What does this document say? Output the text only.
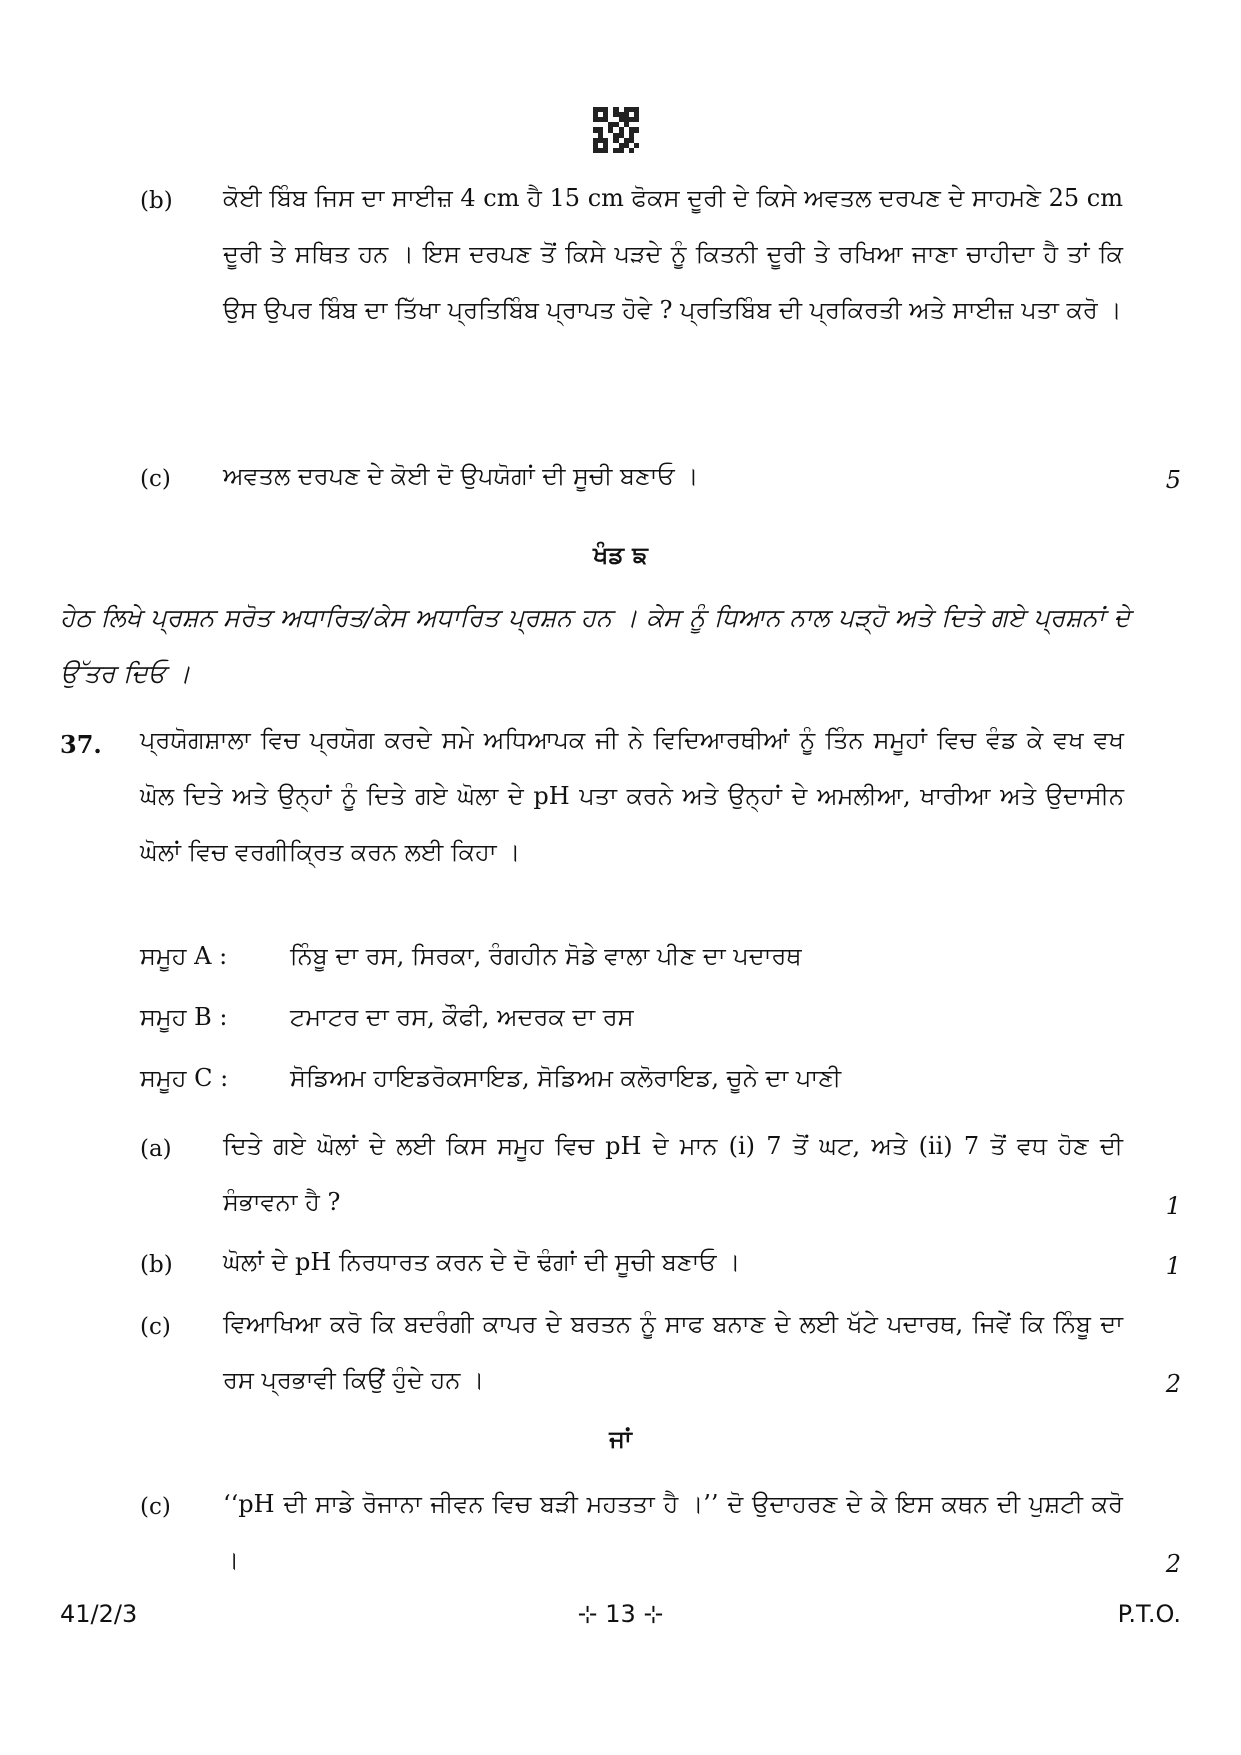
(b) ਕੋਈ ਬਿੰਬ ਜਿਸ ਦਾ ਸਾਈਜ਼ 4 cm ਹੈ 15 cm ਫੋਕਸ ਦੂਰੀ ਦੇ ਕਿਸੇ ਅਵਤਲ ਦਰਪਣ ਦੇ ਸਾਹਮਣੇ 25 cm ਦੂਰੀ ਤੇ ਸਥਿਤ ਹਨ । ਇਸ ਦਰਪਣ ਤੋਂ ਕਿਸੇ ਪੜਦੇ ਨੂੰ ਕਿਤਨੀ ਦੂਰੀ ਤੇ ਰਖਿਆ ਜਾਣਾ ਚਾਹੀਦਾ ਹੈ ਤਾਂ ਕਿ ਉਸ ਉਪਰ ਬਿੰਬ ਦਾ ਤਿੱਖਾ ਪ੍ਰਤਿਬਿੰਬ ਪ੍ਰਾਪਤ ਹੋਵੇ ? ਪ੍ਰਤਿਬਿੰਬ ਦੀ ਪ੍ਰਕਿਰਤੀ ਅਤੇ ਸਾਈਜ਼ ਪਤਾ ਕਰੋ ।
(c) ਅਵਤਲ ਦਰਪਣ ਦੇ ਕੋਈ ਦੋ ਉਪਯੋਗਾਂ ਦੀ ਸੂਚੀ ਬਣਾਓ ।	5
ਖੰਡ ਙ
ਹੇਠ ਲਿਖੇ ਪ੍ਰਸ਼ਨ ਸਰੋਤ ਅਧਾਰਿਤ/ਕੇਸ ਅਧਾਰਿਤ ਪ੍ਰਸ਼ਨ ਹਨ । ਕੇਸ ਨੂੰ ਧਿਆਨ ਨਾਲ ਪੜ੍ਹੋ ਅਤੇ ਦਿਤੇ ਗਏ ਪ੍ਰਸ਼ਨਾਂ ਦੇ ਉੱਤਰ ਦਿਓ ।
37. ਪ੍ਰਯੋਗਸ਼ਾਲਾ ਵਿਚ ਪ੍ਰਯੋਗ ਕਰਦੇ ਸਮੇ ਅਧਿਆਪਕ ਜੀ ਨੇ ਵਿਦਿਆਰਥੀਆਂ ਨੂੰ ਤਿੰਨ ਸਮੂਹਾਂ ਵਿਚ ਵੰਡ ਕੇ ਵਖ ਵਖ ਘੋਲ ਦਿਤੇ ਅਤੇ ਉਨ੍ਹਾਂ ਨੂੰ ਦਿਤੇ ਗਏ ਘੋਲਾ ਦੇ pH ਪਤਾ ਕਰਨੇ ਅਤੇ ਉਨ੍ਹਾਂ ਦੇ ਅਮਲੀਆ, ਖਾਰੀਆ ਅਤੇ ਉਦਾਸੀਨ ਘੋਲਾਂ ਵਿਚ ਵਰਗੀਕ੍ਰਿਤ ਕਰਨ ਲਈ ਕਿਹਾ ।
ਸਮੂਹ A :	ਨਿੰਬੂ ਦਾ ਰਸ, ਸਿਰਕਾ, ਰੰਗਹੀਨ ਸੋਡੇ ਵਾਲਾ ਪੀਣ ਦਾ ਪਦਾਰਥ
ਸਮੂਹ B :	ਟਮਾਟਰ ਦਾ ਰਸ, ਕੌਫੀ, ਅਦਰਕ ਦਾ ਰਸ
ਸਮੂਹ C :	ਸੋਡਿਅਮ ਹਾਇਡਰੋਕਸਾਇਡ, ਸੋਡਿਅਮ ਕਲੋਰਾਇਡ, ਚੂਨੇ ਦਾ ਪਾਣੀ
(a) ਦਿਤੇ ਗਏ ਘੋਲਾਂ ਦੇ ਲਈ ਕਿਸ ਸਮੂਹ ਵਿਚ pH ਦੇ ਮਾਨ (i) 7 ਤੋਂ ਘਟ, ਅਤੇ (ii) 7 ਤੋਂ ਵਧ ਹੋਣ ਦੀ ਸੰਭਾਵਨਾ ਹੈ ?	1
(b) ਘੋਲਾਂ ਦੇ pH ਨਿਰਧਾਰਤ ਕਰਨ ਦੇ ਦੋ ਢੰਗਾਂ ਦੀ ਸੂਚੀ ਬਣਾਓ ।	1
(c) ਵਿਆਖਿਆ ਕਰੋ ਕਿ ਬਦਰੰਗੀ ਕਾਪਰ ਦੇ ਬਰਤਨ ਨੂੰ ਸਾਫ ਬਨਾਣ ਦੇ ਲਈ ਖੱਟੇ ਪਦਾਰਥ, ਜਿਵੇਂ ਕਿ ਨਿੰਬੂ ਦਾ ਰਸ ਪ੍ਰਭਾਵੀ ਕਿਉਂ ਹੁੰਦੇ ਹਨ ।	2
ਜਾਂ
(c) ‘‘pH ਦੀ ਸਾਡੇ ਰੋਜਾਨਾ ਜੀਵਨ ਵਿਚ ਬੜੀ ਮਹਤਤਾ ਹੈ ।’’ ਦੋ ਉਦਾਹਰਣ ਦੇ ਕੇ ਇਸ ਕਥਨ ਦੀ ਪੁਸ਼ਟੀ ਕਰੋ ।	2
41/2/3	⊹ 13 ⊹	P.T.O.
